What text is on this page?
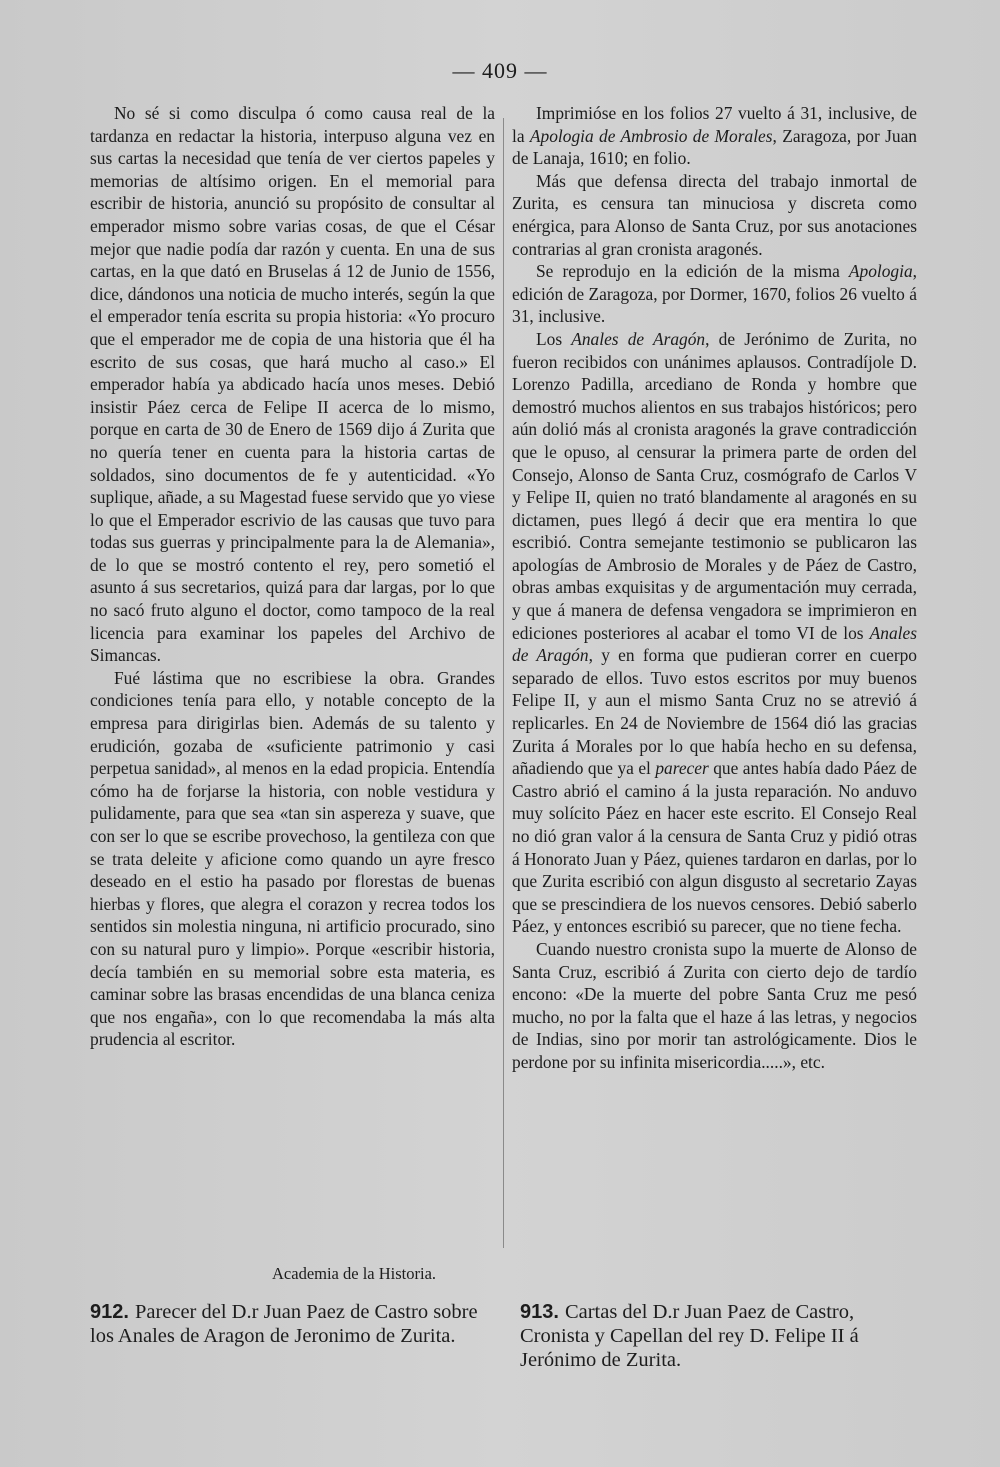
— 409 —

No sé si como disculpa ó como causa real de la tardanza en redactar la historia, interpuso alguna vez en sus cartas la necesidad que tenía de ver ciertos papeles y memorias de altísimo origen. En el memorial para escribir de historia, anunció su propósito de consultar al emperador mismo sobre varias cosas, de que el César mejor que nadie podía dar razón y cuenta. En una de sus cartas, en la que dató en Bruselas á 12 de Junio de 1556, dice, dándonos una noticia de mucho interés, según la que el emperador tenía escrita su propia historia: «Yo procuro que el emperador me de copia de una historia que él ha escrito de sus cosas, que hará mucho al caso.» El emperador había ya abdicado hacía unos meses. Debió insistir Páez cerca de Felipe II acerca de lo mismo, porque en carta de 30 de Enero de 1569 dijo á Zurita que no quería tener en cuenta para la historia cartas de soldados, sino documentos de fe y autenticidad. «Yo suplique, añade, a su Magestad fuese servido que yo viese lo que el Emperador escrivio de las causas que tuvo para todas sus guerras y principalmente para la de Alemania», de lo que se mostró contento el rey, pero sometió el asunto á sus secretarios, quizá para dar largas, por lo que no sacó fruto alguno el doctor, como tampoco de la real licencia para examinar los papeles del Archivo de Simancas.

Fué lástima que no escribiese la obra. Grandes condiciones tenía para ello, y notable concepto de la empresa para dirigirlas bien. Además de su talento y erudición, gozaba de «suficiente patrimonio y casi perpetua sanidad», al menos en la edad propicia. Entendía cómo ha de forjarse la historia, con noble vestidura y pulidamente, para que sea «tan sin aspereza y suave, que con ser lo que se escribe provechoso, la gentileza con que se trata deleite y aficione como quando un ayre fresco deseado en el estio ha pasado por florestas de buenas hierbas y flores, que alegra el corazon y recrea todos los sentidos sin molestia ninguna, ni artificio procurado, sino con su natural puro y limpio». Porque «escribir historia, decía también en su memorial sobre esta materia, es caminar sobre las brasas encendidas de una blanca ceniza que nos engaña», con lo que recomendaba la más alta prudencia al escritor.

Imprimióse en los folios 27 vuelto á 31, inclusive, de la Apologia de Ambrosio de Morales, Zaragoza, por Juan de Lanaja, 1610; en folio.

Más que defensa directa del trabajo inmortal de Zurita, es censura tan minuciosa y discreta como enérgica, para Alonso de Santa Cruz, por sus anotaciones contrarias al gran cronista aragonés.

Se reprodujo en la edición de la misma Apologia, edición de Zaragoza, por Dormer, 1670, folios 26 vuelto á 31, inclusive.

Los Anales de Aragón, de Jerónimo de Zurita, no fueron recibidos con unánimes aplausos. Contradíjole D. Lorenzo Padilla, arcediano de Ronda y hombre que demostró muchos alientos en sus trabajos históricos; pero aún dolió más al cronista aragonés la grave contradicción que le opuso, al censurar la primera parte de orden del Consejo, Alonso de Santa Cruz, cosmógrafo de Carlos V y Felipe II, quien no trató blandamente al aragonés en su dictamen, pues llegó á decir que era mentira lo que escribió. Contra semejante testimonio se publicaron las apologías de Ambrosio de Morales y de Páez de Castro, obras ambas exquisitas y de argumentación muy cerrada, y que á manera de defensa vengadora se imprimieron en ediciones posteriores al acabar el tomo VI de los Anales de Aragón, y en forma que pudieran correr en cuerpo separado de ellos. Tuvo estos escritos por muy buenos Felipe II, y aun el mismo Santa Cruz no se atrevió á replicarles. En 24 de Noviembre de 1564 dió las gracias Zurita á Morales por lo que había hecho en su defensa, añadiendo que ya el parecer que antes había dado Páez de Castro abrió el camino á la justa reparación. No anduvo muy solícito Páez en hacer este escrito. El Consejo Real no dió gran valor á la censura de Santa Cruz y pidió otras á Honorato Juan y Páez, quienes tardaron en darlas, por lo que Zurita escribió con algun disgusto al secretario Zayas que se prescindiera de los nuevos censores. Debió saberlo Páez, y entonces escribió su parecer, que no tiene fecha.

Cuando nuestro cronista supo la muerte de Alonso de Santa Cruz, escribió á Zurita con cierto dejo de tardío encono: «De la muerte del pobre Santa Cruz me pesó mucho, no por la falta que el haze á las letras, y negocios de Indias, sino por morir tan astrológicamente. Dios le perdone por su infinita misericordia.....», etc.

Academia de la Historia.
912. Parecer del D.r Juan Paez de Castro sobre los Anales de Aragon de Jeronimo de Zurita.
913. Cartas del D.r Juan Paez de Castro, Cronista y Capellan del rey D. Felipe II á Jerónimo de Zurita.
